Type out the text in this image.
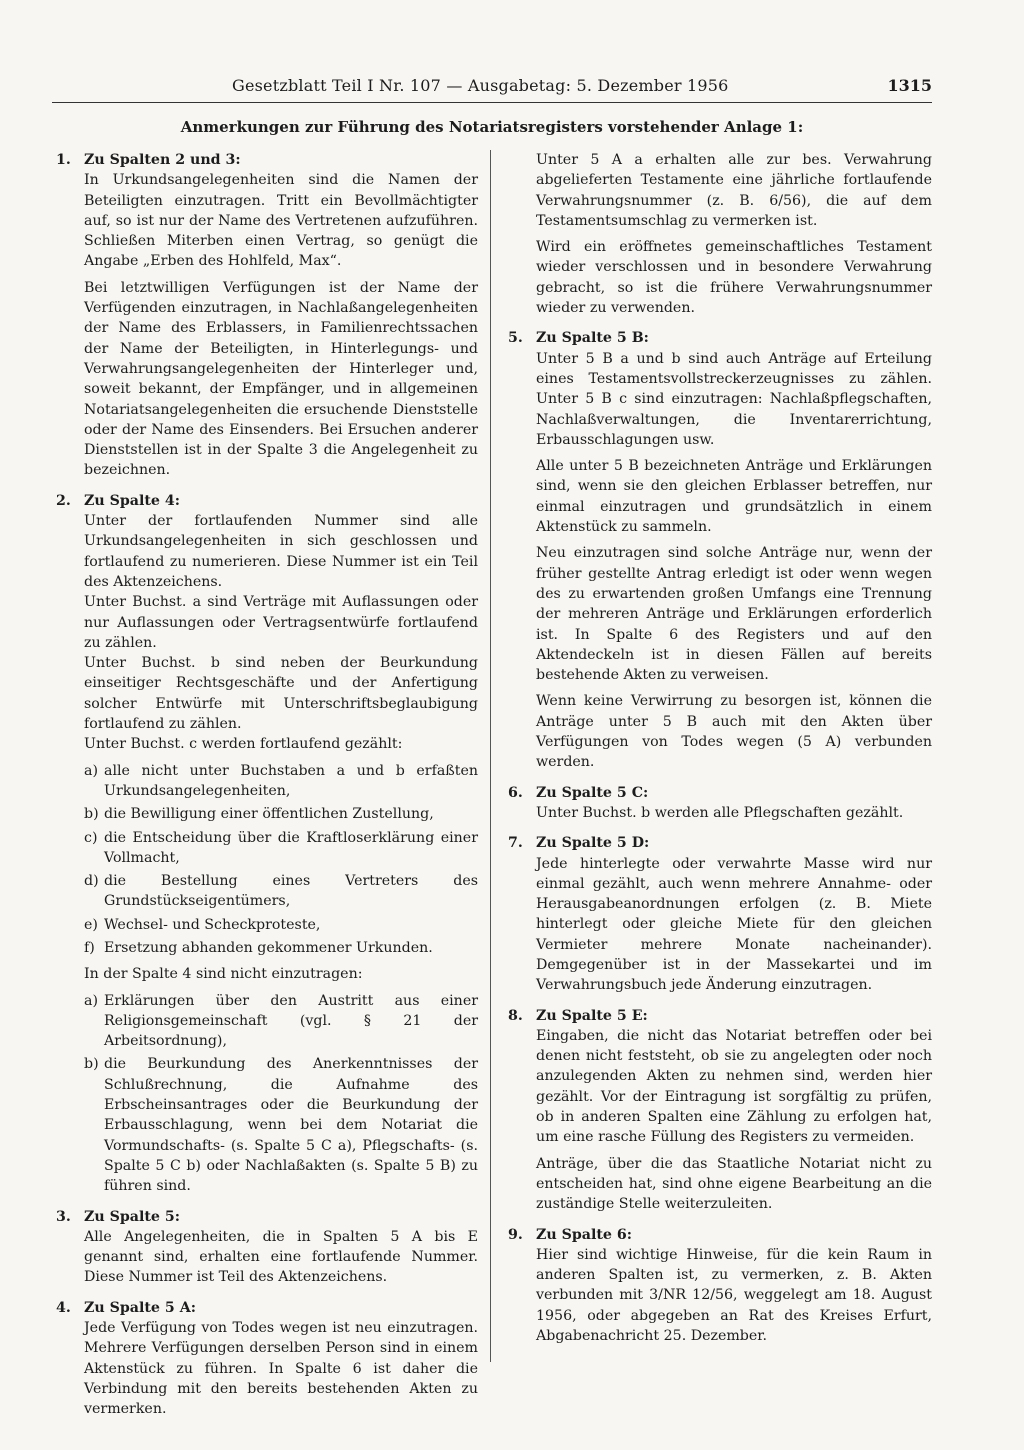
Gesetzblatt Teil I Nr. 107 — Ausgabetag: 5. Dezember 1956	1315
Anmerkungen zur Führung des Notariatsregisters vorstehender Anlage 1:
1. Zu Spalten 2 und 3:

In Urkundsangelegenheiten sind die Namen der Beteiligten einzutragen. Tritt ein Bevollmächtigter auf, so ist nur der Name des Vertretenen aufzuführen. Schließen Miterben einen Vertrag, so genügt die Angabe „Erben des Hohlfeld, Max“.

Bei letztwilligen Verfügungen ist der Name der Verfügenden einzutragen, in Nachlaßangelegenheiten der Name des Erblassers, in Familienrechtssachen der Name der Beteiligten, in Hinterlegungs- und Verwahrungsangelegenheiten der Hinterleger und, soweit bekannt, der Empfänger, und in allgemeinen Notariatsangelegenheiten die ersuchende Dienststelle oder der Name des Einsenders. Bei Ersuchen anderer Dienststellen ist in der Spalte 3 die Angelegenheit zu bezeichnen.

2. Zu Spalte 4:

Unter der fortlaufenden Nummer sind alle Urkundsangelegenheiten in sich geschlossen und fortlaufend zu numerieren. Diese Nummer ist ein Teil des Aktenzeichens.

Unter Buchst. a sind Verträge mit Auflassungen oder nur Auflassungen oder Vertragsentwürfe fortlaufend zu zählen.

Unter Buchst. b sind neben der Beurkundung einseitiger Rechtsgeschäfte und der Anfertigung solcher Entwürfe mit Unterschriftsbeglaubigung fortlaufend zu zählen.

Unter Buchst. c werden fortlaufend gezählt:

a) alle nicht unter Buchstaben a und b erfaßten Urkundsangelegenheiten,
b) die Bewilligung einer öffentlichen Zustellung,
c) die Entscheidung über die Kraftloserklärung einer Vollmacht,
d) die Bestellung eines Vertreters des Grundstückseigentümers,
e) Wechsel- und Scheckproteste,
f) Ersetzung abhanden gekommener Urkunden.

In der Spalte 4 sind nicht einzutragen:

a) Erklärungen über den Austritt aus einer Religionsgemeinschaft (vgl. § 21 der Arbeitsordnung),
b) die Beurkundung des Anerkenntnisses der Schlußrechnung, die Aufnahme des Erbscheinsantrages oder die Beurkundung der Erbausschlagung, wenn bei dem Notariat die Vormundschafts- (s. Spalte 5 C a), Pflegschafts- (s. Spalte 5 C b) oder Nachlaßakten (s. Spalte 5 B) zu führen sind.
3. Zu Spalte 5:

Alle Angelegenheiten, die in Spalten 5 A bis E genannt sind, erhalten eine fortlaufende Nummer. Diese Nummer ist Teil des Aktenzeichens.

4. Zu Spalte 5 A:

Jede Verfügung von Todes wegen ist neu einzutragen. Mehrere Verfügungen derselben Person sind in einem Aktenstück zu führen. In Spalte 6 ist daher die Verbindung mit den bereits bestehenden Akten zu vermerken.

Unter 5 A a erhalten alle zur bes. Verwahrung abgelieferten Testamente eine jährliche fortlaufende Verwahrungsnummer (z. B. 6/56), die auf dem Testamentsumschlag zu vermerken ist.

Wird ein eröffnetes gemeinschaftliches Testament wieder verschlossen und in besondere Verwahrung gebracht, so ist die frühere Verwahrungsnummer wieder zu verwenden.

5. Zu Spalte 5 B:

Unter 5 B a und b sind auch Anträge auf Erteilung eines Testamentsvollstreckerzeugnisses zu zählen. Unter 5 B c sind einzutragen: Nachlaßpflegschaften, Nachlaßverwaltungen, die Inventarerrichtung, Erbausschlagungen usw.

Alle unter 5 B bezeichneten Anträge und Erklärungen sind, wenn sie den gleichen Erblasser betreffen, nur einmal einzutragen und grundsätzlich in einem Aktenstück zu sammeln.

Neu einzutragen sind solche Anträge nur, wenn der früher gestellte Antrag erledigt ist oder wenn wegen des zu erwartenden großen Umfangs eine Trennung der mehreren Anträge und Erklärungen erforderlich ist. In Spalte 6 des Registers und auf den Aktendeckeln ist in diesen Fällen auf bereits bestehende Akten zu verweisen.

Wenn keine Verwirrung zu besorgen ist, können die Anträge unter 5 B auch mit den Akten über Verfügungen von Todes wegen (5 A) verbunden werden.

6. Zu Spalte 5 C:

Unter Buchst. b werden alle Pflegschaften gezählt.

7. Zu Spalte 5 D:

Jede hinterlegte oder verwahrte Masse wird nur einmal gezählt, auch wenn mehrere Annahme- oder Herausgabeanordnungen erfolgen (z. B. Miete hinterlegt oder gleiche Miete für den gleichen Vermieter mehrere Monate nacheinander). Demgegenüber ist in der Massekartei und im Verwahrungsbuch jede Änderung einzutragen.

8. Zu Spalte 5 E:

Eingaben, die nicht das Notariat betreffen oder bei denen nicht feststeht, ob sie zu angelegten oder noch anzulegenden Akten zu nehmen sind, werden hier gezählt. Vor der Eintragung ist sorgfältig zu prüfen, ob in anderen Spalten eine Zählung zu erfolgen hat, um eine rasche Füllung des Registers zu vermeiden.

Anträge, über die das Staatliche Notariat nicht zu entscheiden hat, sind ohne eigene Bearbeitung an die zuständige Stelle weiterzuleiten.

9. Zu Spalte 6:

Hier sind wichtige Hinweise, für die kein Raum in anderen Spalten ist, zu vermerken, z. B. Akten verbunden mit 3/NR 12/56, weggelegt am 18. August 1956, oder abgegeben an Rat des Kreises Erfurt, Abgabenachricht 25. Dezember.
